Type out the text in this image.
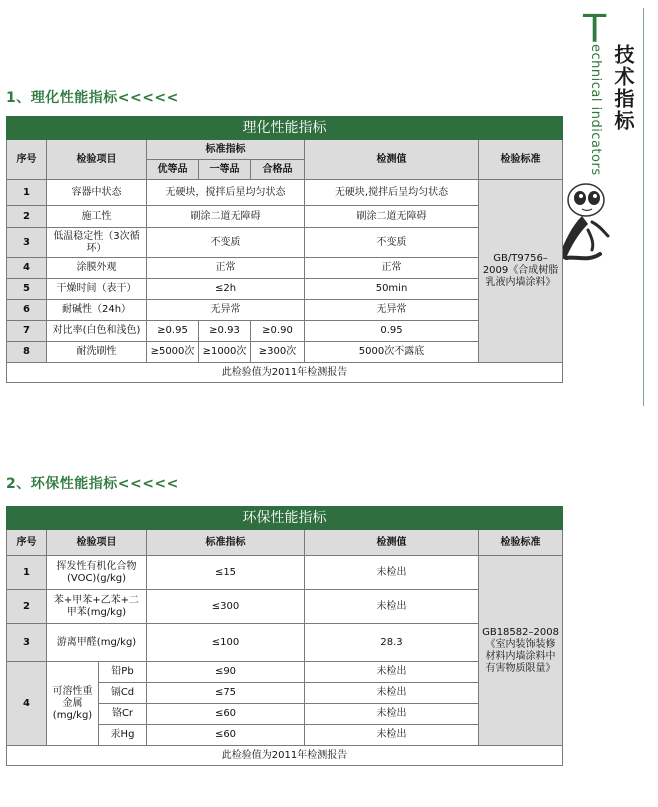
1、理化性能指标<<<<<
2、环保性能指标<<<<<
T
echnical indicators 技术指标
理化性能指标						
序号	检验项目	标准指标			检测值	检验标准
		优等品	一等品	合格品		
1	容器中状态	无硬块，搅拌后星均匀状态			无硬块,搅拌后呈均匀状态	GB/T9756–2009《合成树脂乳液内墙涂料》
2	施工性	刷涂二道无障碍			刷涂二道无障碍	
3	低温稳定性（3次循环）	不变质			不变质	
4	涂膜外观	正常			正常	
5	干燥时间（表干）	≤2h			50min	
6	耐碱性（24h）	无异常			无异常	
7	对比率(白色和浅色)	≥0.95	≥0.93	≥0.90	0.95	
8	耐洗刷性	≥5000次	≥1000次	≥300次	5000次不露底	
此检验值为2011年检测报告						
环保性能指标					
序号	检验项目		标准指标	检测值	检验标准
1	挥发性有机化合物(VOC)(g/kg)		≤15	未检出	GB18582–2008《室内装饰装修材料内墙涂料中有害物质限量》
2	苯+甲苯+乙苯+二甲苯(mg/kg)		≤300	未检出	
3	游离甲醛(mg/kg)		≤100	28.3	
4	可溶性重金属(mg/kg)	铅Pb	≤90	未检出	
		镉Cd	≤75	未检出	
		铬Cr	≤60	未检出	
		汞Hg	≤60	未检出	
此检验值为2011年检测报告					
